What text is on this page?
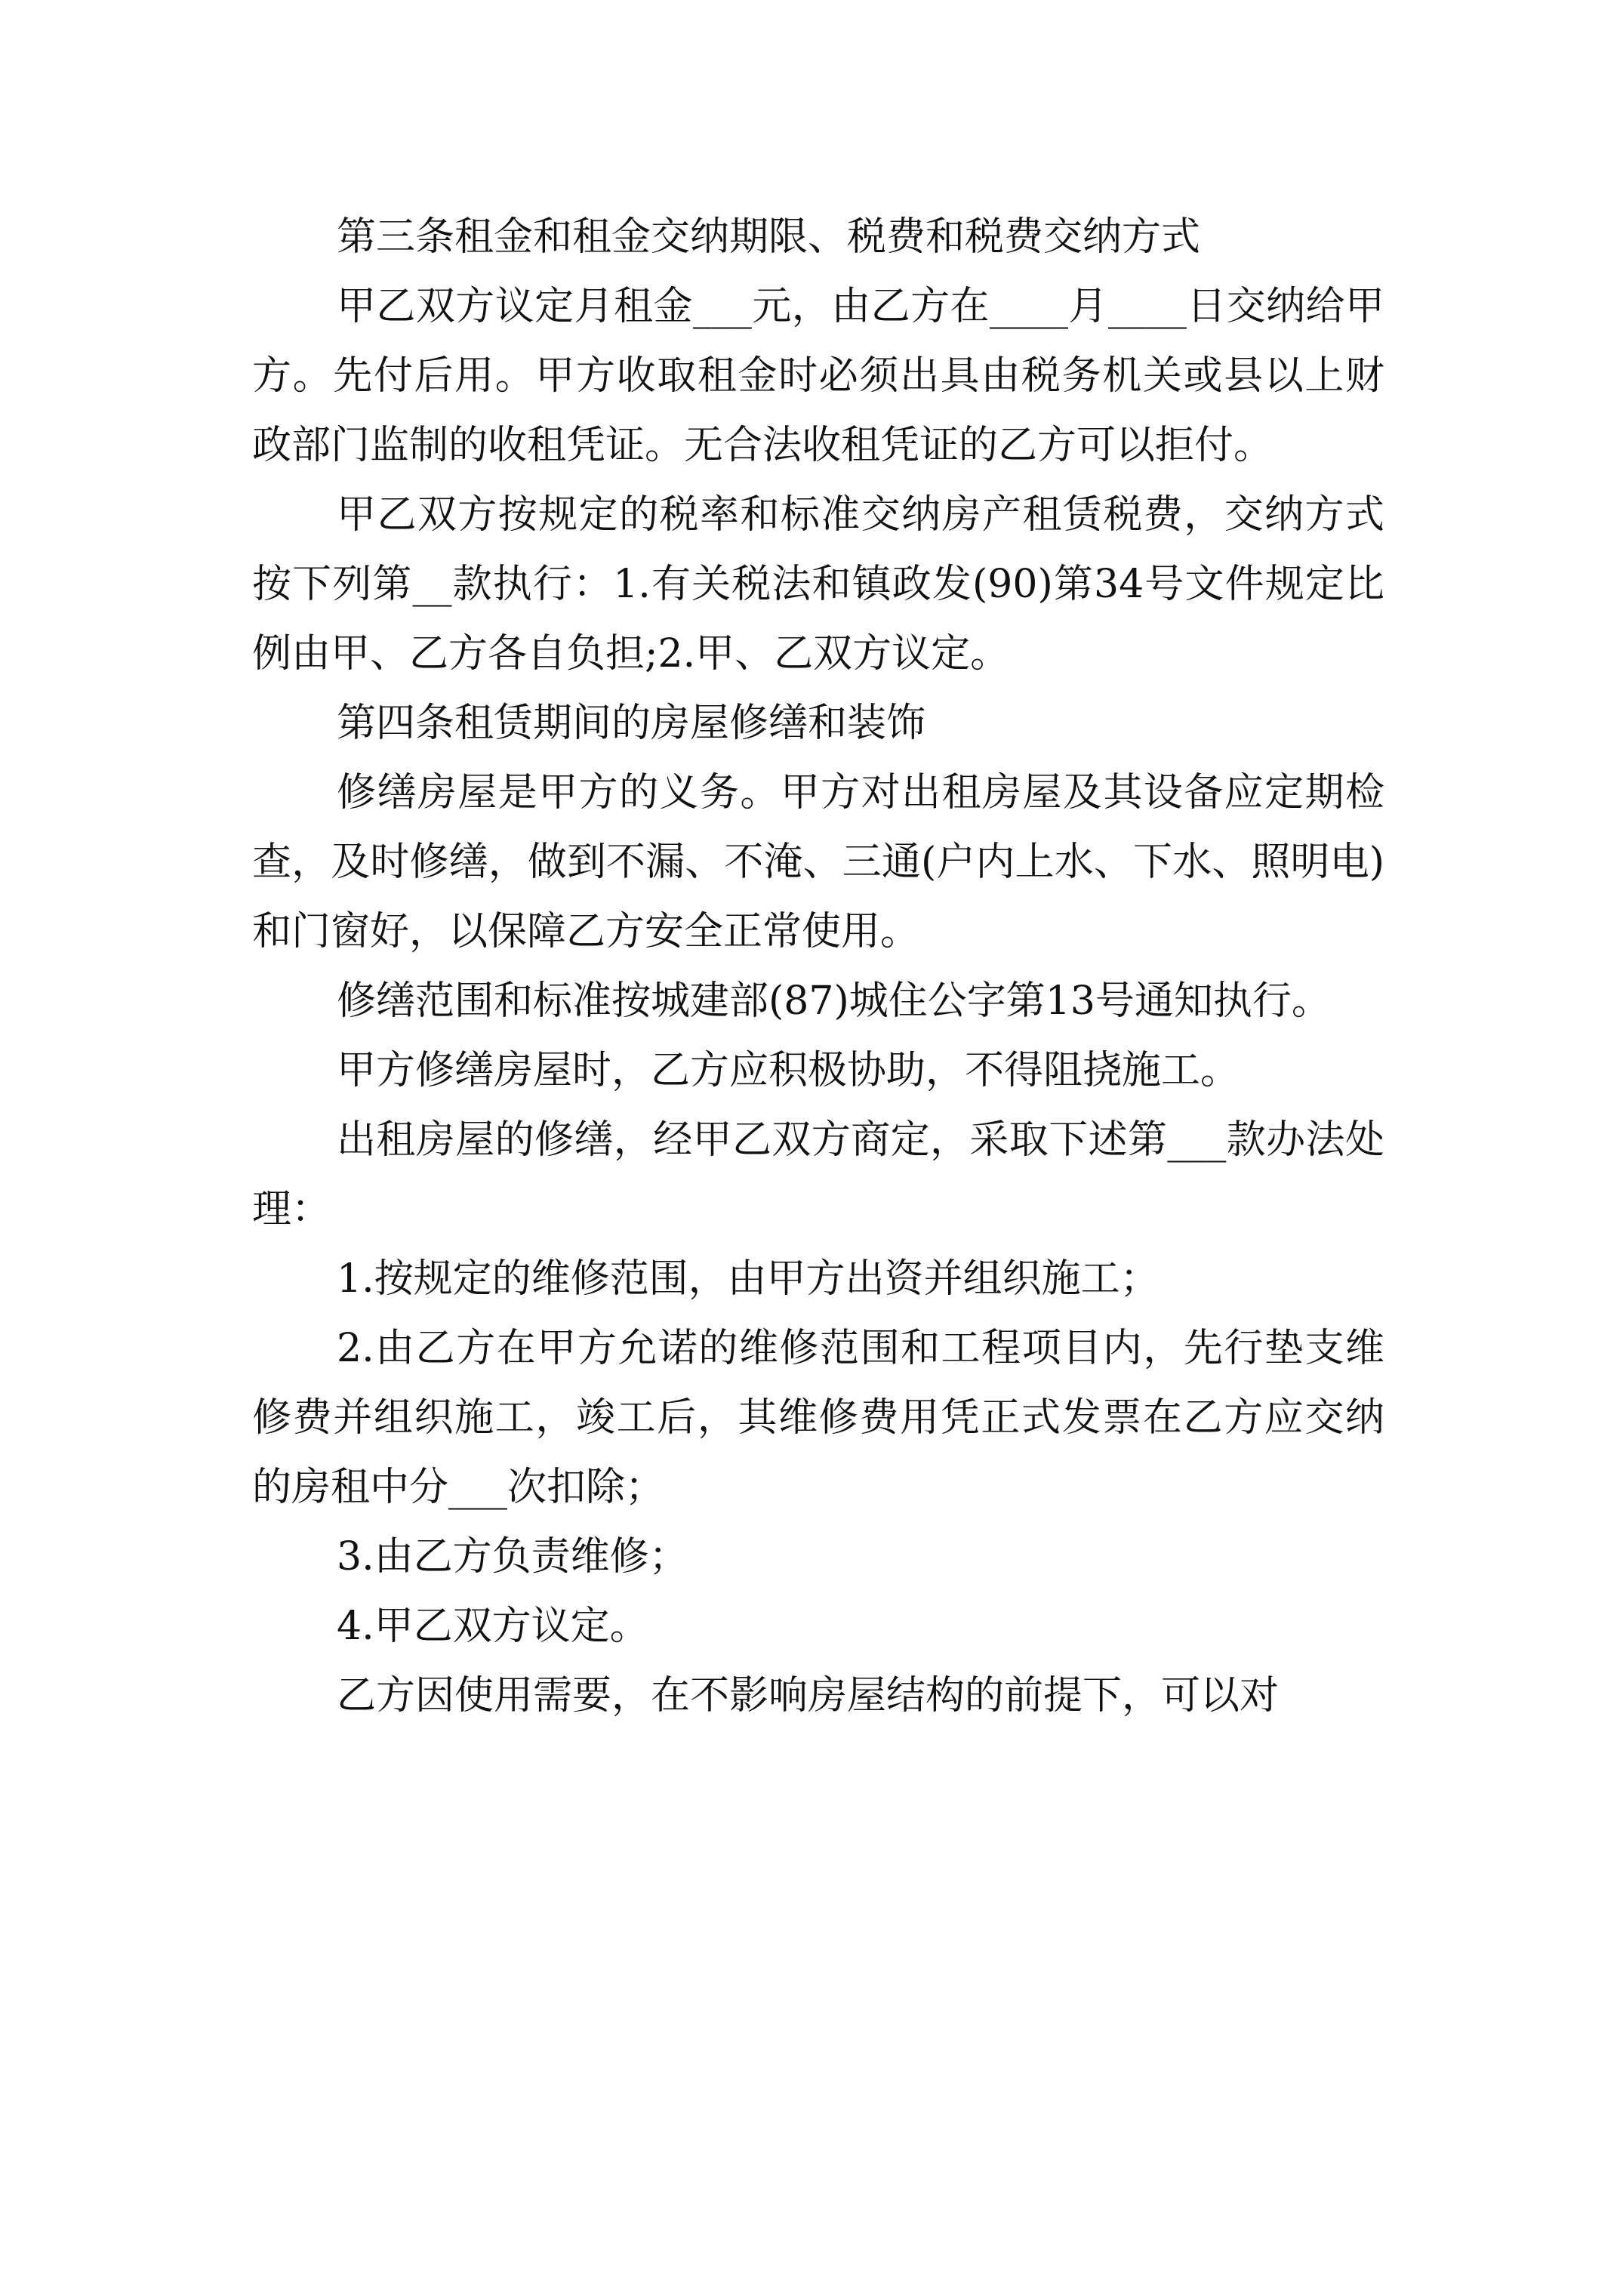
第三条租金和租金交纳期限、税费和税费交纳方式

甲乙双方议定月租金___元，由乙方在____月____日交纳给甲方。先付后用。甲方收取租金时必须出具由税务机关或县以上财政部门监制的收租凭证。无合法收租凭证的乙方可以拒付。

甲乙双方按规定的税率和标准交纳房产租赁税费，交纳方式按下列第__款执行：1.有关税法和镇政发(90)第34号文件规定比例由甲、乙方各自负担;2.甲、乙双方议定。

第四条租赁期间的房屋修缮和装饰

修缮房屋是甲方的义务。甲方对出租房屋及其设备应定期检查，及时修缮，做到不漏、不淹、三通(户内上水、下水、照明电)和门窗好，以保障乙方安全正常使用。

修缮范围和标准按城建部(87)城住公字第13号通知执行。

甲方修缮房屋时，乙方应积极协助，不得阻挠施工。

出租房屋的修缮，经甲乙双方商定，采取下述第___款办法处理：

1.按规定的维修范围，由甲方出资并组织施工；

2.由乙方在甲方允诺的维修范围和工程项目内，先行垫支维修费并组织施工，竣工后，其维修费用凭正式发票在乙方应交纳的房租中分___次扣除；

3.由乙方负责维修；

4.甲乙双方议定。

乙方因使用需要，在不影响房屋结构的前提下，可以对
